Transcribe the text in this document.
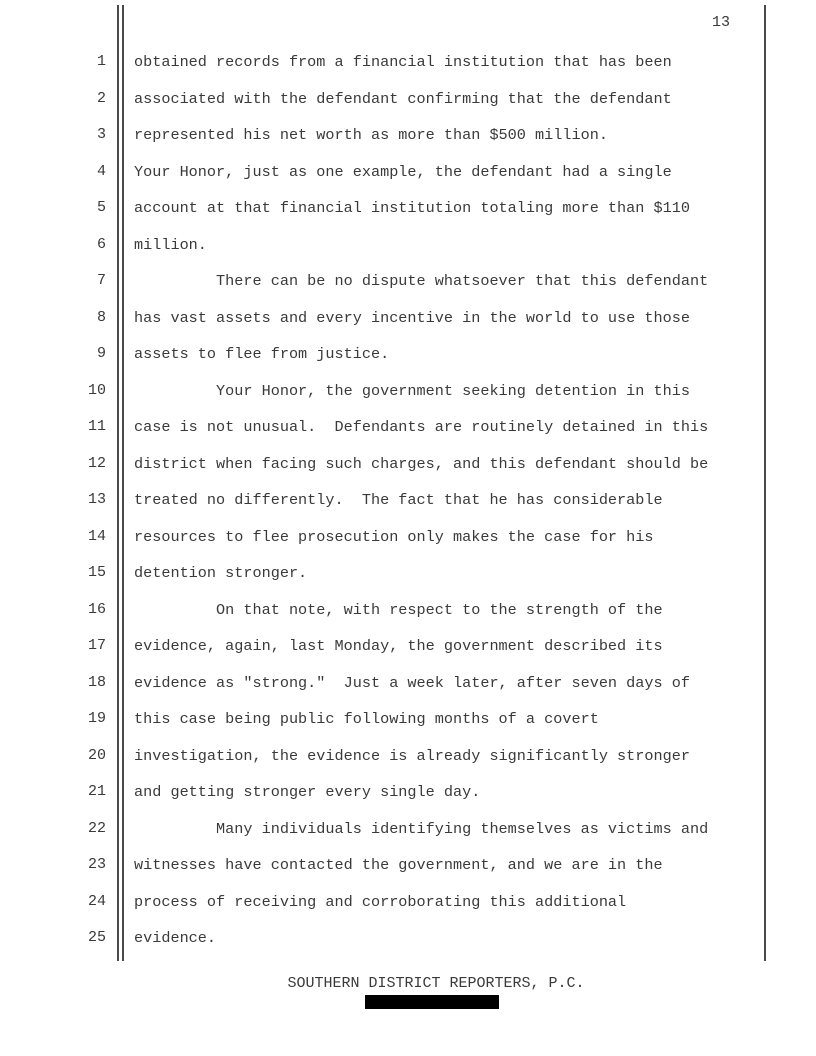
13
1 obtained records from a financial institution that has been
2 associated with the defendant confirming that the defendant
3 represented his net worth as more than $500 million.
4 Your Honor, just as one example, the defendant had a single
5 account at that financial institution totaling more than $110
6 million.
7 There can be no dispute whatsoever that this defendant
8 has vast assets and every incentive in the world to use those
9 assets to flee from justice.
10 Your Honor, the government seeking detention in this
11 case is not unusual.  Defendants are routinely detained in this
12 district when facing such charges, and this defendant should be
13 treated no differently.  The fact that he has considerable
14 resources to flee prosecution only makes the case for his
15 detention stronger.
16 On that note, with respect to the strength of the
17 evidence, again, last Monday, the government described its
18 evidence as "strong."  Just a week later, after seven days of
19 this case being public following months of a covert
20 investigation, the evidence is already significantly stronger
21 and getting stronger every single day.
22 Many individuals identifying themselves as victims and
23 witnesses have contacted the government, and we are in the
24 process of receiving and corroborating this additional
25 evidence.
SOUTHERN DISTRICT REPORTERS, P.C.
